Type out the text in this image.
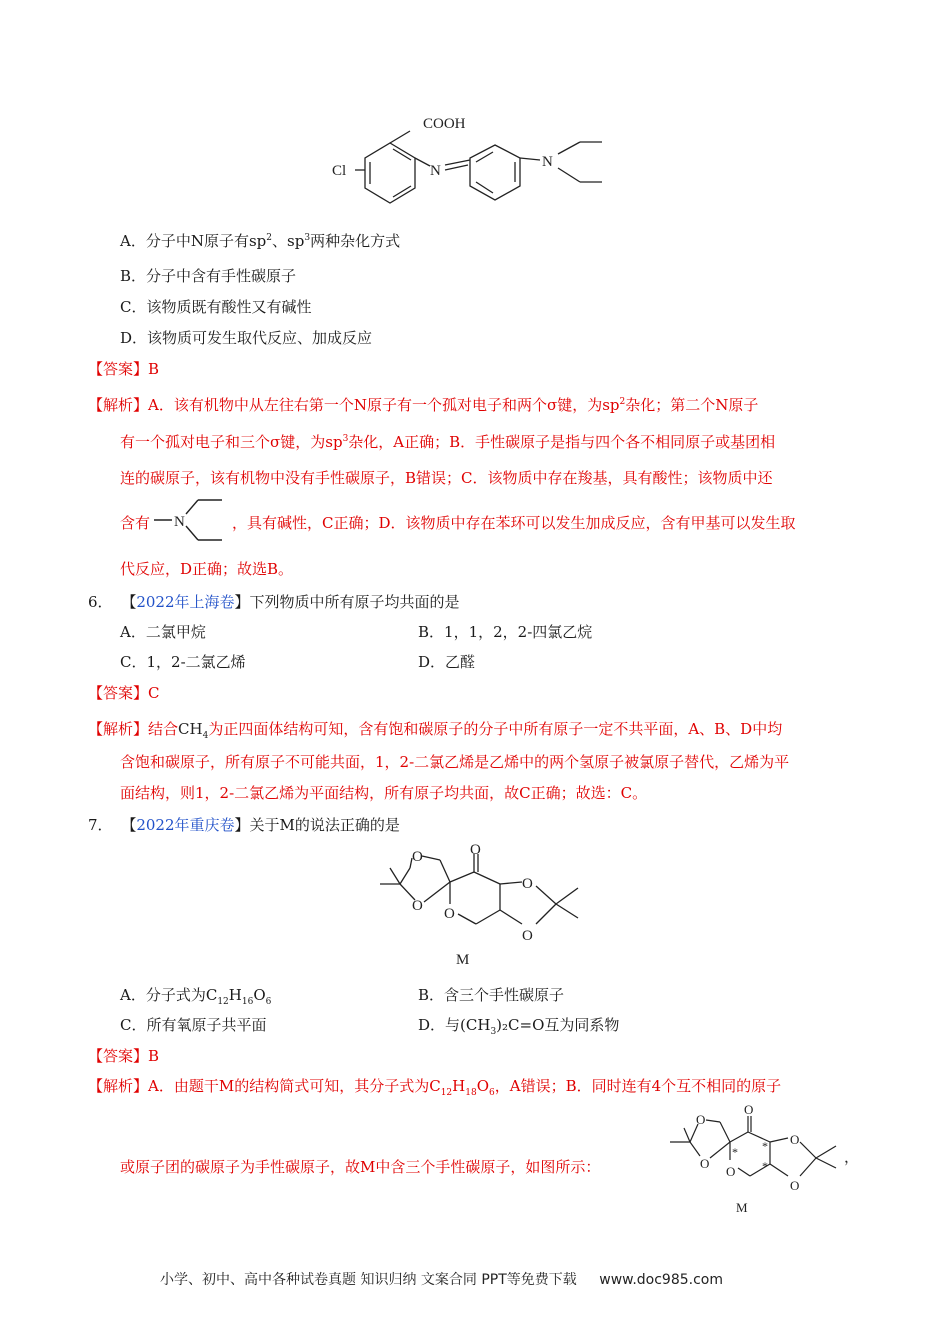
COOH
Cl	N
N
A．分子中N原子有$sp^2$、$sp^3$两种杂化方式
B．分子中含有手性碳原子
C．该物质既有酸性又有碱性
D．该物质可发生取代反应、加成反应
【答案】B
【解析】A．该有机物中从左往右第一个N原子有一个孤对电子和两个σ键，为$sp^2$杂化；第二个N原子
有一个孤对电子和三个σ键，为$sp^3$杂化，A正确；B．手性碳原子是指与四个各不相同原子或基团相
连的碳原子，该有机物中没有手性碳原子，B错误；C．该物质中存在羧基，具有酸性；该物质中还
含有 N	，具有碱性，C正确；D．该物质中存在苯环可以发生加成反应，含有甲基可以发生取
代反应，D正确；故选B。
6． 【2022年上海卷】下列物质中所有原子均共面的是
A．二氯甲烷	B．1，1，2，2-四氯乙烷
C．1，2-二氯乙烯	D．乙醛
【答案】C
【解析】结合$CH_4$为正四面体结构可知，含有饱和碳原子的分子中所有原子一定不共平面，A、B、D中均
含饱和碳原子，所有原子不可能共面，1，2-二氯乙烯是乙烯中的两个氢原子被氯原子替代，乙烯为平
面结构，则1，2-二氯乙烯为平面结构，所有原子均共面，故C正确；故选：C。
7． 【2022年重庆卷】关于M的说法正确的是
O
O
O
O
O
O
M
A．分子式为$C_{12}H_{16}O_6$	B．含三个手性碳原子
C．所有氧原子共平面	D．与$(CH_3)_2C=O$互为同系物
【答案】B
【解析】A．由题干M的结构简式可知，其分子式为$C_{12}H_{18}O_6$，A错误；B．同时连有4个互不相同的原子
或原子团的碳原子为手性碳原子，故M中含三个手性碳原子，如图所示：
O
O
O
O
O
O
* *
*	，
M
小学、初中、高中各种试卷真题 知识归纳 文案合同 PPT等免费下载 www.doc985.com
